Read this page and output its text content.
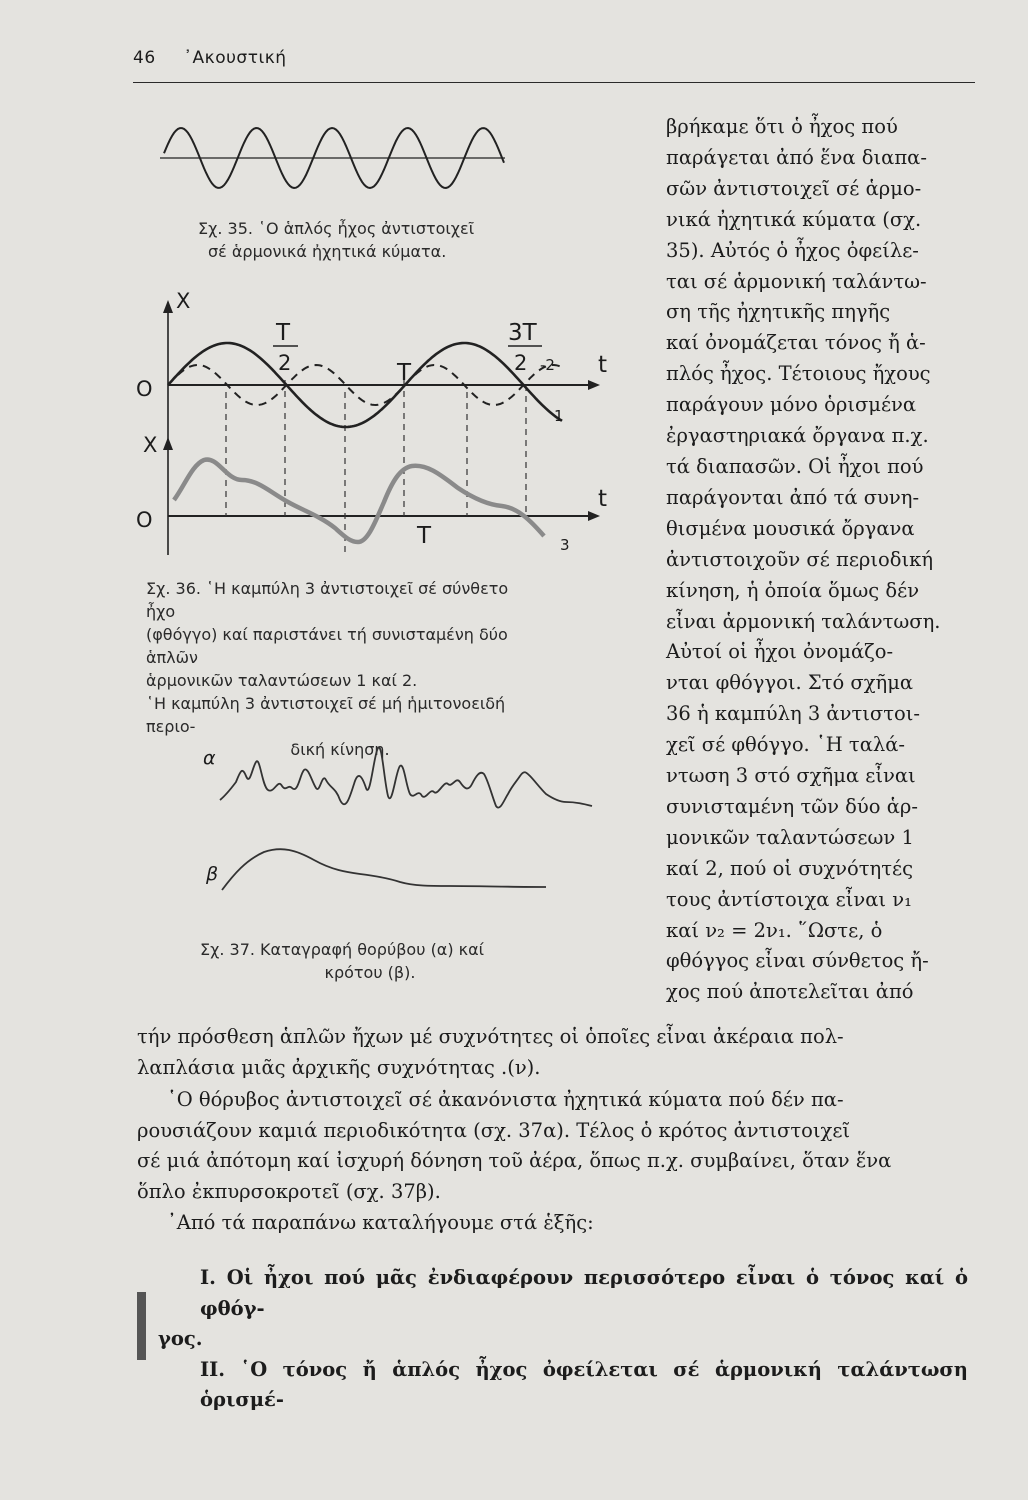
46 ᾿Ακουστική
Σχ. 35. ῾Ο ἁπλός ἦχος ἀντιστοιχεῖ
σέ ἁρμονικά ἠχητικά κύματα.
X
O
X
O
t
t
T
2
3T
2 -2
T
1
T	3
Σχ. 36. ῾Η καμπύλη 3 ἀντιστοιχεῖ σέ σύνθετο ἦχο
(φθόγγο) καί παριστάνει τή συνισταμένη δύο ἁπλῶν
ἁρμονικῶν ταλαντώσεων 1 καί 2.
῾Η καμπύλη 3 ἀντιστοιχεῖ σέ μή ἡμιτονοειδή περιο-
δική κίνηση.
α
β
Σχ. 37. Καταγραφή θορύβου (α) καί
κρότου (β).
βρήκαμε ὅτι ὁ ἦχος πού
παράγεται ἀπό ἕνα διαπα-
σῶν ἀντιστοιχεῖ σέ ἁρμο-
νικά ἠχητικά κύματα (σχ.
35). Αὐτός ὁ ἦχος ὀφείλε-
ται σέ ἁρμονική ταλάντω-
ση τῆς ἠχητικῆς πηγῆς
καί ὀνομάζεται τόνος ἤ ἁ-
πλός ἦχος. Τέτοιους ἤχους
παράγουν μόνο ὁρισμένα
ἐργαστηριακά ὄργανα π.χ.
τά διαπασῶν. Οἱ ἦχοι πού
παράγονται ἀπό τά συνη-
θισμένα μουσικά ὄργανα
ἀντιστοιχοῦν σέ περιοδική
κίνηση, ἡ ὁποία ὅμως δέν
εἶναι ἁρμονική ταλάντωση.
Αὐτοί οἱ ἦχοι ὀνομάζο-
νται φθόγγοι. Στό σχῆμα
36 ἡ καμπύλη 3 ἀντιστοι-
χεῖ σέ φθόγγο. ῾Η ταλά-
ντωση 3 στό σχῆμα εἶναι
συνισταμένη τῶν δύο ἁρ-
μονικῶν ταλαντώσεων 1
καί 2, πού οἱ συχνότητές
τους ἀντίστοιχα εἶναι ν₁
καί ν₂ = 2ν₁. ῞Ωστε, ὁ
φθόγγος εἶναι σύνθετος ἤ-
χος πού ἀποτελεῖται ἀπό
τήν πρόσθεση ἁπλῶν ἤχων μέ συχνότητες οἱ ὁποῖες εἶναι ἀκέραια πολ-
λαπλάσια μιᾶς ἀρχικῆς συχνότητας .(ν).
῾Ο θόρυβος ἀντιστοιχεῖ σέ ἀκανόνιστα ἠχητικά κύματα πού δέν πα-
ρουσιάζουν καμιά περιοδικότητα (σχ. 37α). Τέλος ὁ κρότος ἀντιστοιχεῖ
σέ μιά ἀπότομη καί ἰσχυρή δόνηση τοῦ ἀέρα, ὅπως π.χ. συμβαίνει, ὅταν ἕνα
ὅπλο ἐκπυρσοκροτεῖ (σχ. 37β).
᾿Από τά παραπάνω καταλήγουμε στά ἑξῆς:
I. Οἱ ἦχοι πού μᾶς ἐνδιαφέρουν περισσότερο εἶναι ὁ τόνος καί ὁ φθόγ-
γος.
II. ῾Ο τόνος ἤ ἁπλός ἦχος ὀφείλεται σέ ἁρμονική ταλάντωση ὁρισμέ-
